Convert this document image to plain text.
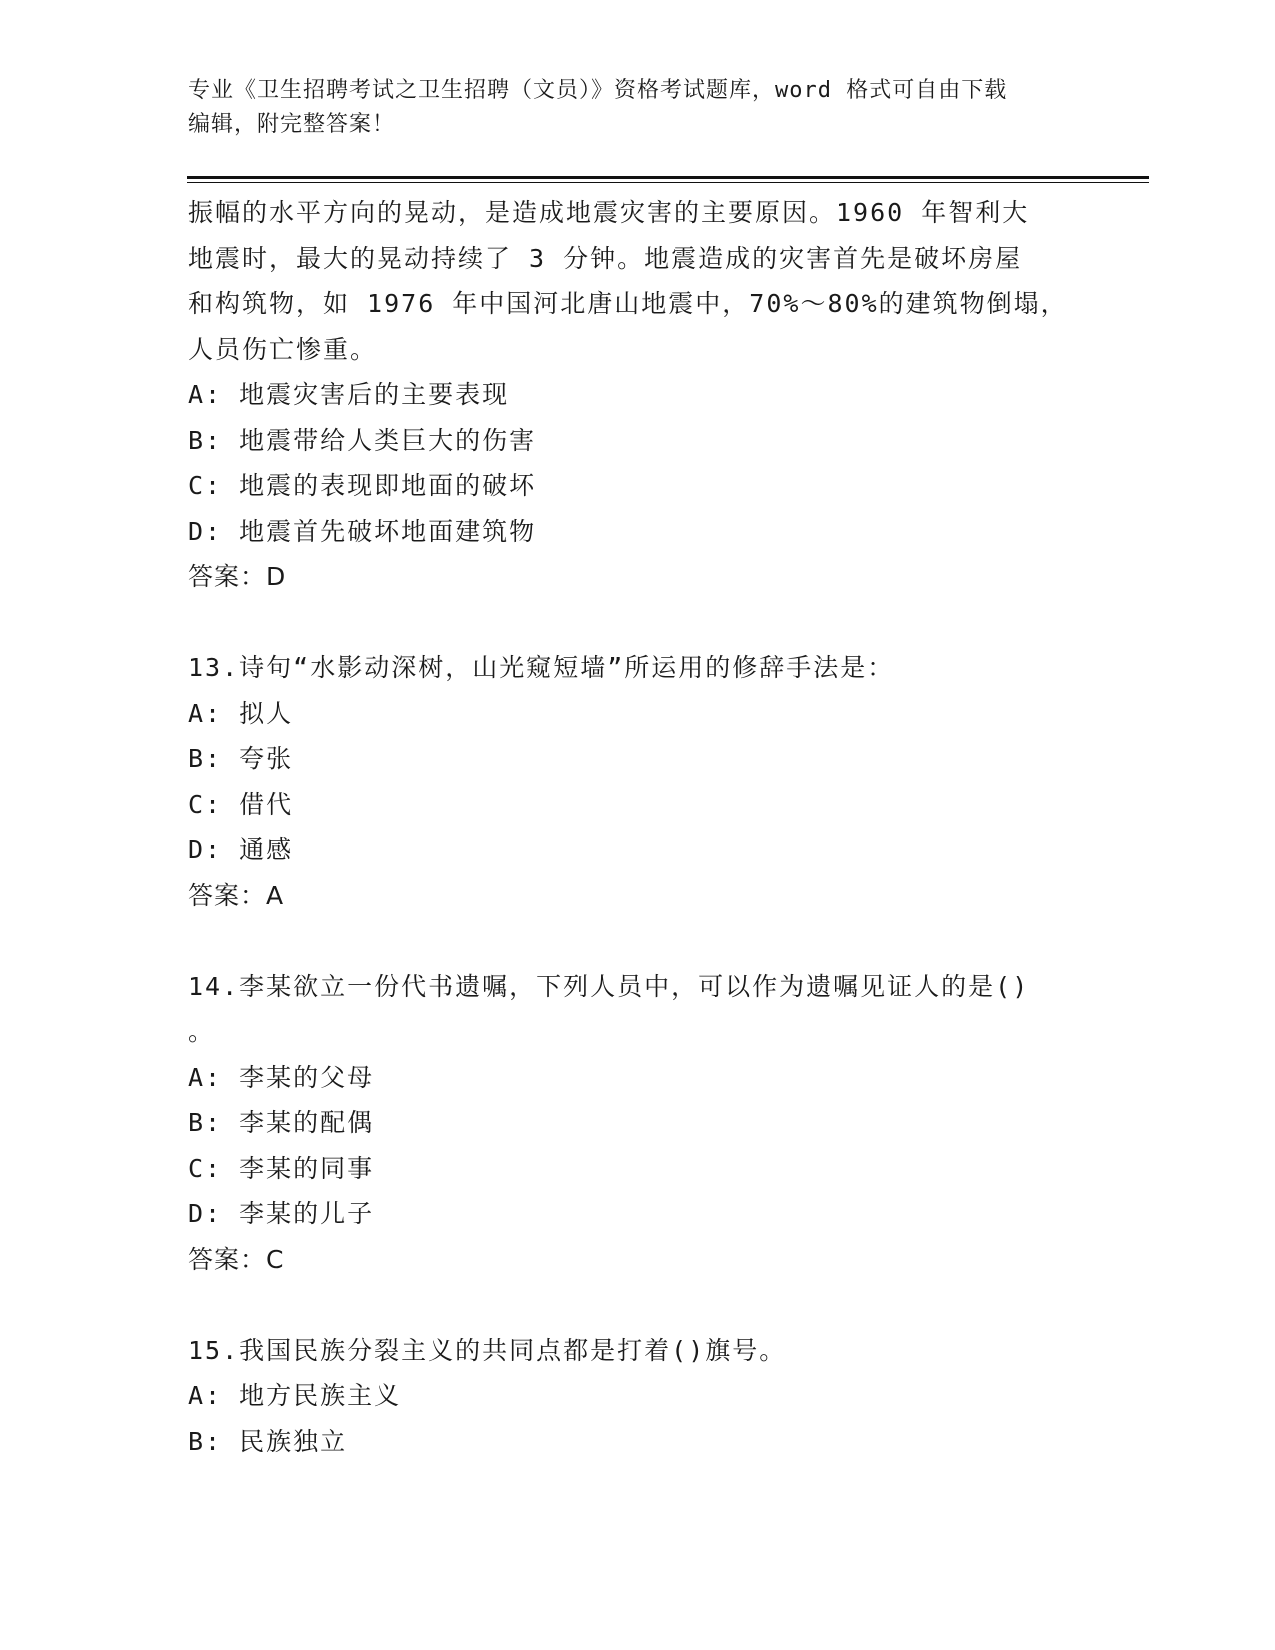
专业《卫生招聘考试之卫生招聘（文员）》资格考试题库，word 格式可自由下载
编辑，附完整答案！
振幅的水平方向的晃动，是造成地震灾害的主要原因。1960 年智利大
地震时，最大的晃动持续了 3 分钟。地震造成的灾害首先是破坏房屋
和构筑物，如 1976 年中国河北唐山地震中，70%～80%的建筑物倒塌，
人员伤亡惨重。
A: 地震灾害后的主要表现
B: 地震带给人类巨大的伤害
C: 地震的表现即地面的破坏
D: 地震首先破坏地面建筑物
答案：D
13.诗句“水影动深树，山光窥短墙”所运用的修辞手法是：
A: 拟人
B: 夸张
C: 借代
D: 通感
答案：A
14.李某欲立一份代书遗嘱，下列人员中，可以作为遗嘱见证人的是()
。
A: 李某的父母
B: 李某的配偶
C: 李某的同事
D: 李某的儿子
答案：C
15.我国民族分裂主义的共同点都是打着()旗号。
A: 地方民族主义
B: 民族独立
